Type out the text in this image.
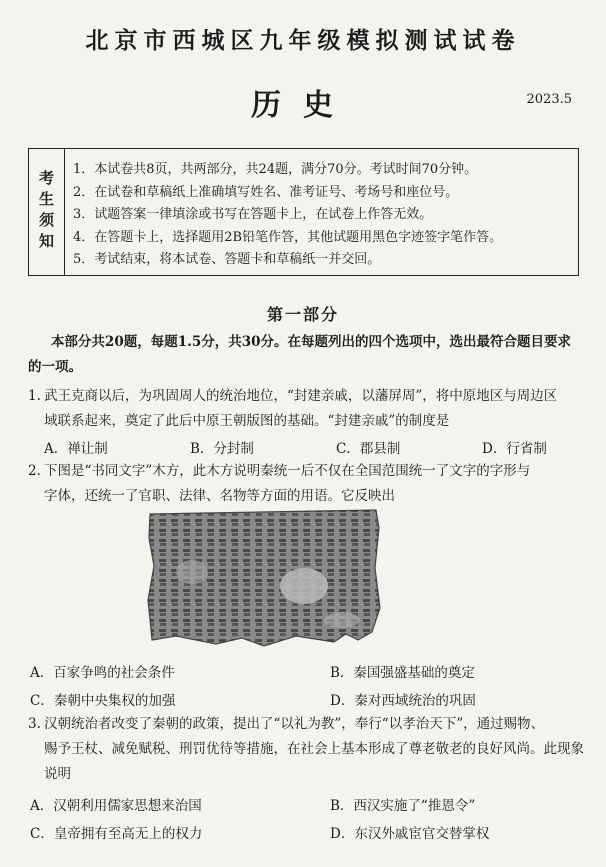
北京市西城区九年级模拟测试试卷
历史	2023.5
考生须知
1．本试卷共8页，共两部分，共24题，满分70分。考试时间70分钟。
2．在试卷和草稿纸上准确填写姓名、准考证号、考场号和座位号。
3．试题答案一律填涂或书写在答题卡上，在试卷上作答无效。
4．在答题卡上，选择题用2B铅笔作答，其他试题用黑色字迹签字笔作答。
5．考试结束，将本试卷、答题卡和草稿纸一并交回。
第一部分
本部分共20题，每题1.5分，共30分。在每题列出的四个选项中，选出最符合题目要求的一项。
1. 武王克商以后，为巩固周人的统治地位，“封建亲戚，以藩屏周”，将中原地区与周边区
域联系起来，奠定了此后中原王朝版图的基础。“封建亲戚”的制度是
A．禅让制	B．分封制	C．郡县制	D．行省制
2. 下图是“书同文字”木方，此木方说明秦统一后不仅在全国范围统一了文字的字形与
字体，还统一了官职、法律、名物等方面的用语。它反映出
A．百家争鸣的社会条件	B．秦国强盛基础的奠定
C．秦朝中央集权的加强	D．秦对西域统治的巩固
3. 汉朝统治者改变了秦朝的政策，提出了“以礼为教”，奉行“以孝治天下”，通过赐物、
赐予王杖、减免赋税、刑罚优待等措施，在社会上基本形成了尊老敬老的良好风尚。此现象说明
A．汉朝利用儒家思想来治国	B．西汉实施了“推恩令”
C．皇帝拥有至高无上的权力	D．东汉外戚宦官交替掌权
